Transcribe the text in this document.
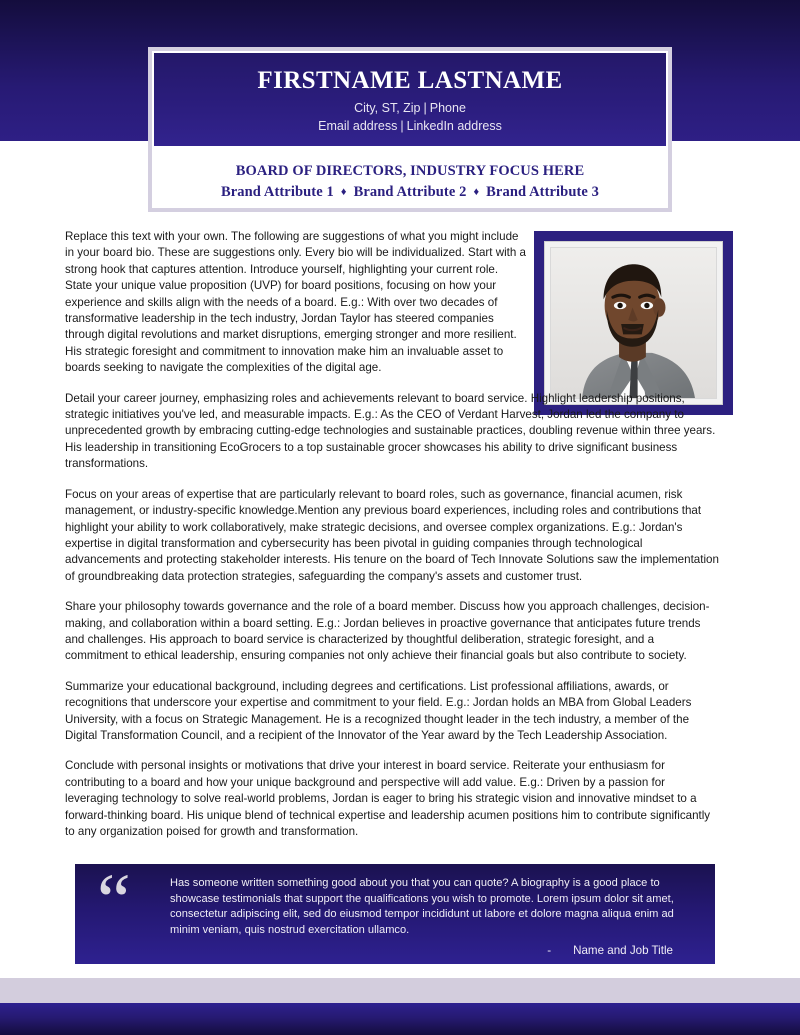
FIRSTNAME LASTNAME
City, ST, Zip | Phone
Email address | LinkedIn address
BOARD OF DIRECTORS, INDUSTRY FOCUS HERE
Brand Attribute 1 ♦ Brand Attribute 2 ♦ Brand Attribute 3

Replace this text with your own. The following are suggestions of what you might include in your board bio. These are suggestions only. Every bio will be individualized. Start with a strong hook that captures attention. Introduce yourself, highlighting your current role. State your unique value proposition (UVP) for board positions, focusing on how your experience and skills align with the needs of a board. E.g.: With over two decades of transformative leadership in the tech industry, Jordan Taylor has steered companies through digital revolutions and market disruptions, emerging stronger and more resilient. His strategic foresight and commitment to innovation make him an invaluable asset to boards seeking to navigate the complexities of the digital age.

Detail your career journey, emphasizing roles and achievements relevant to board service. Highlight leadership positions, strategic initiatives you've led, and measurable impacts. E.g.: As the CEO of Verdant Harvest, Jordan led the company to unprecedented growth by embracing cutting-edge technologies and sustainable practices, doubling revenue within three years. His leadership in transitioning EcoGrocers to a top sustainable grocer showcases his ability to drive significant business transformations.

Focus on your areas of expertise that are particularly relevant to board roles, such as governance, financial acumen, risk management, or industry-specific knowledge.Mention any previous board experiences, including roles and contributions that highlight your ability to work collaboratively, make strategic decisions, and oversee complex organizations. E.g.: Jordan's expertise in digital transformation and cybersecurity has been pivotal in guiding companies through technological advancements and protecting stakeholder interests. His tenure on the board of Tech Innovate Solutions saw the implementation of groundbreaking data protection strategies, safeguarding the company's assets and customer trust.

Share your philosophy towards governance and the role of a board member. Discuss how you approach challenges, decision-making, and collaboration within a board setting. E.g.: Jordan believes in proactive governance that anticipates future trends and challenges. His approach to board service is characterized by thoughtful deliberation, strategic foresight, and a commitment to ethical leadership, ensuring companies not only achieve their financial goals but also contribute to society.

Summarize your educational background, including degrees and certifications. List professional affiliations, awards, or recognitions that underscore your expertise and commitment to your field. E.g.: Jordan holds an MBA from Global Leaders University, with a focus on Strategic Management. He is a recognized thought leader in the tech industry, a member of the Digital Transformation Council, and a recipient of the Innovator of the Year award by the Tech Leadership Association.

Conclude with personal insights or motivations that drive your interest in board service. Reiterate your enthusiasm for contributing to a board and how your unique background and perspective will add value. E.g.: Driven by a passion for leveraging technology to solve real-world problems, Jordan is eager to bring his strategic vision and innovative mindset to a forward-thinking board. His unique blend of technical expertise and leadership acumen positions him to contribute significantly to any organization poised for growth and transformation.

“	Has someone written something good about you that you can quote? A biography is a good place to showcase testimonials that support the qualifications you wish to promote. Lorem ipsum dolor sit amet, consectetur adipiscing elit, sed do eiusmod tempor incididunt ut labore et dolore magna aliqua enim ad minim veniam, quis nostrud exercitation ullamco.

- Name and Job Title
